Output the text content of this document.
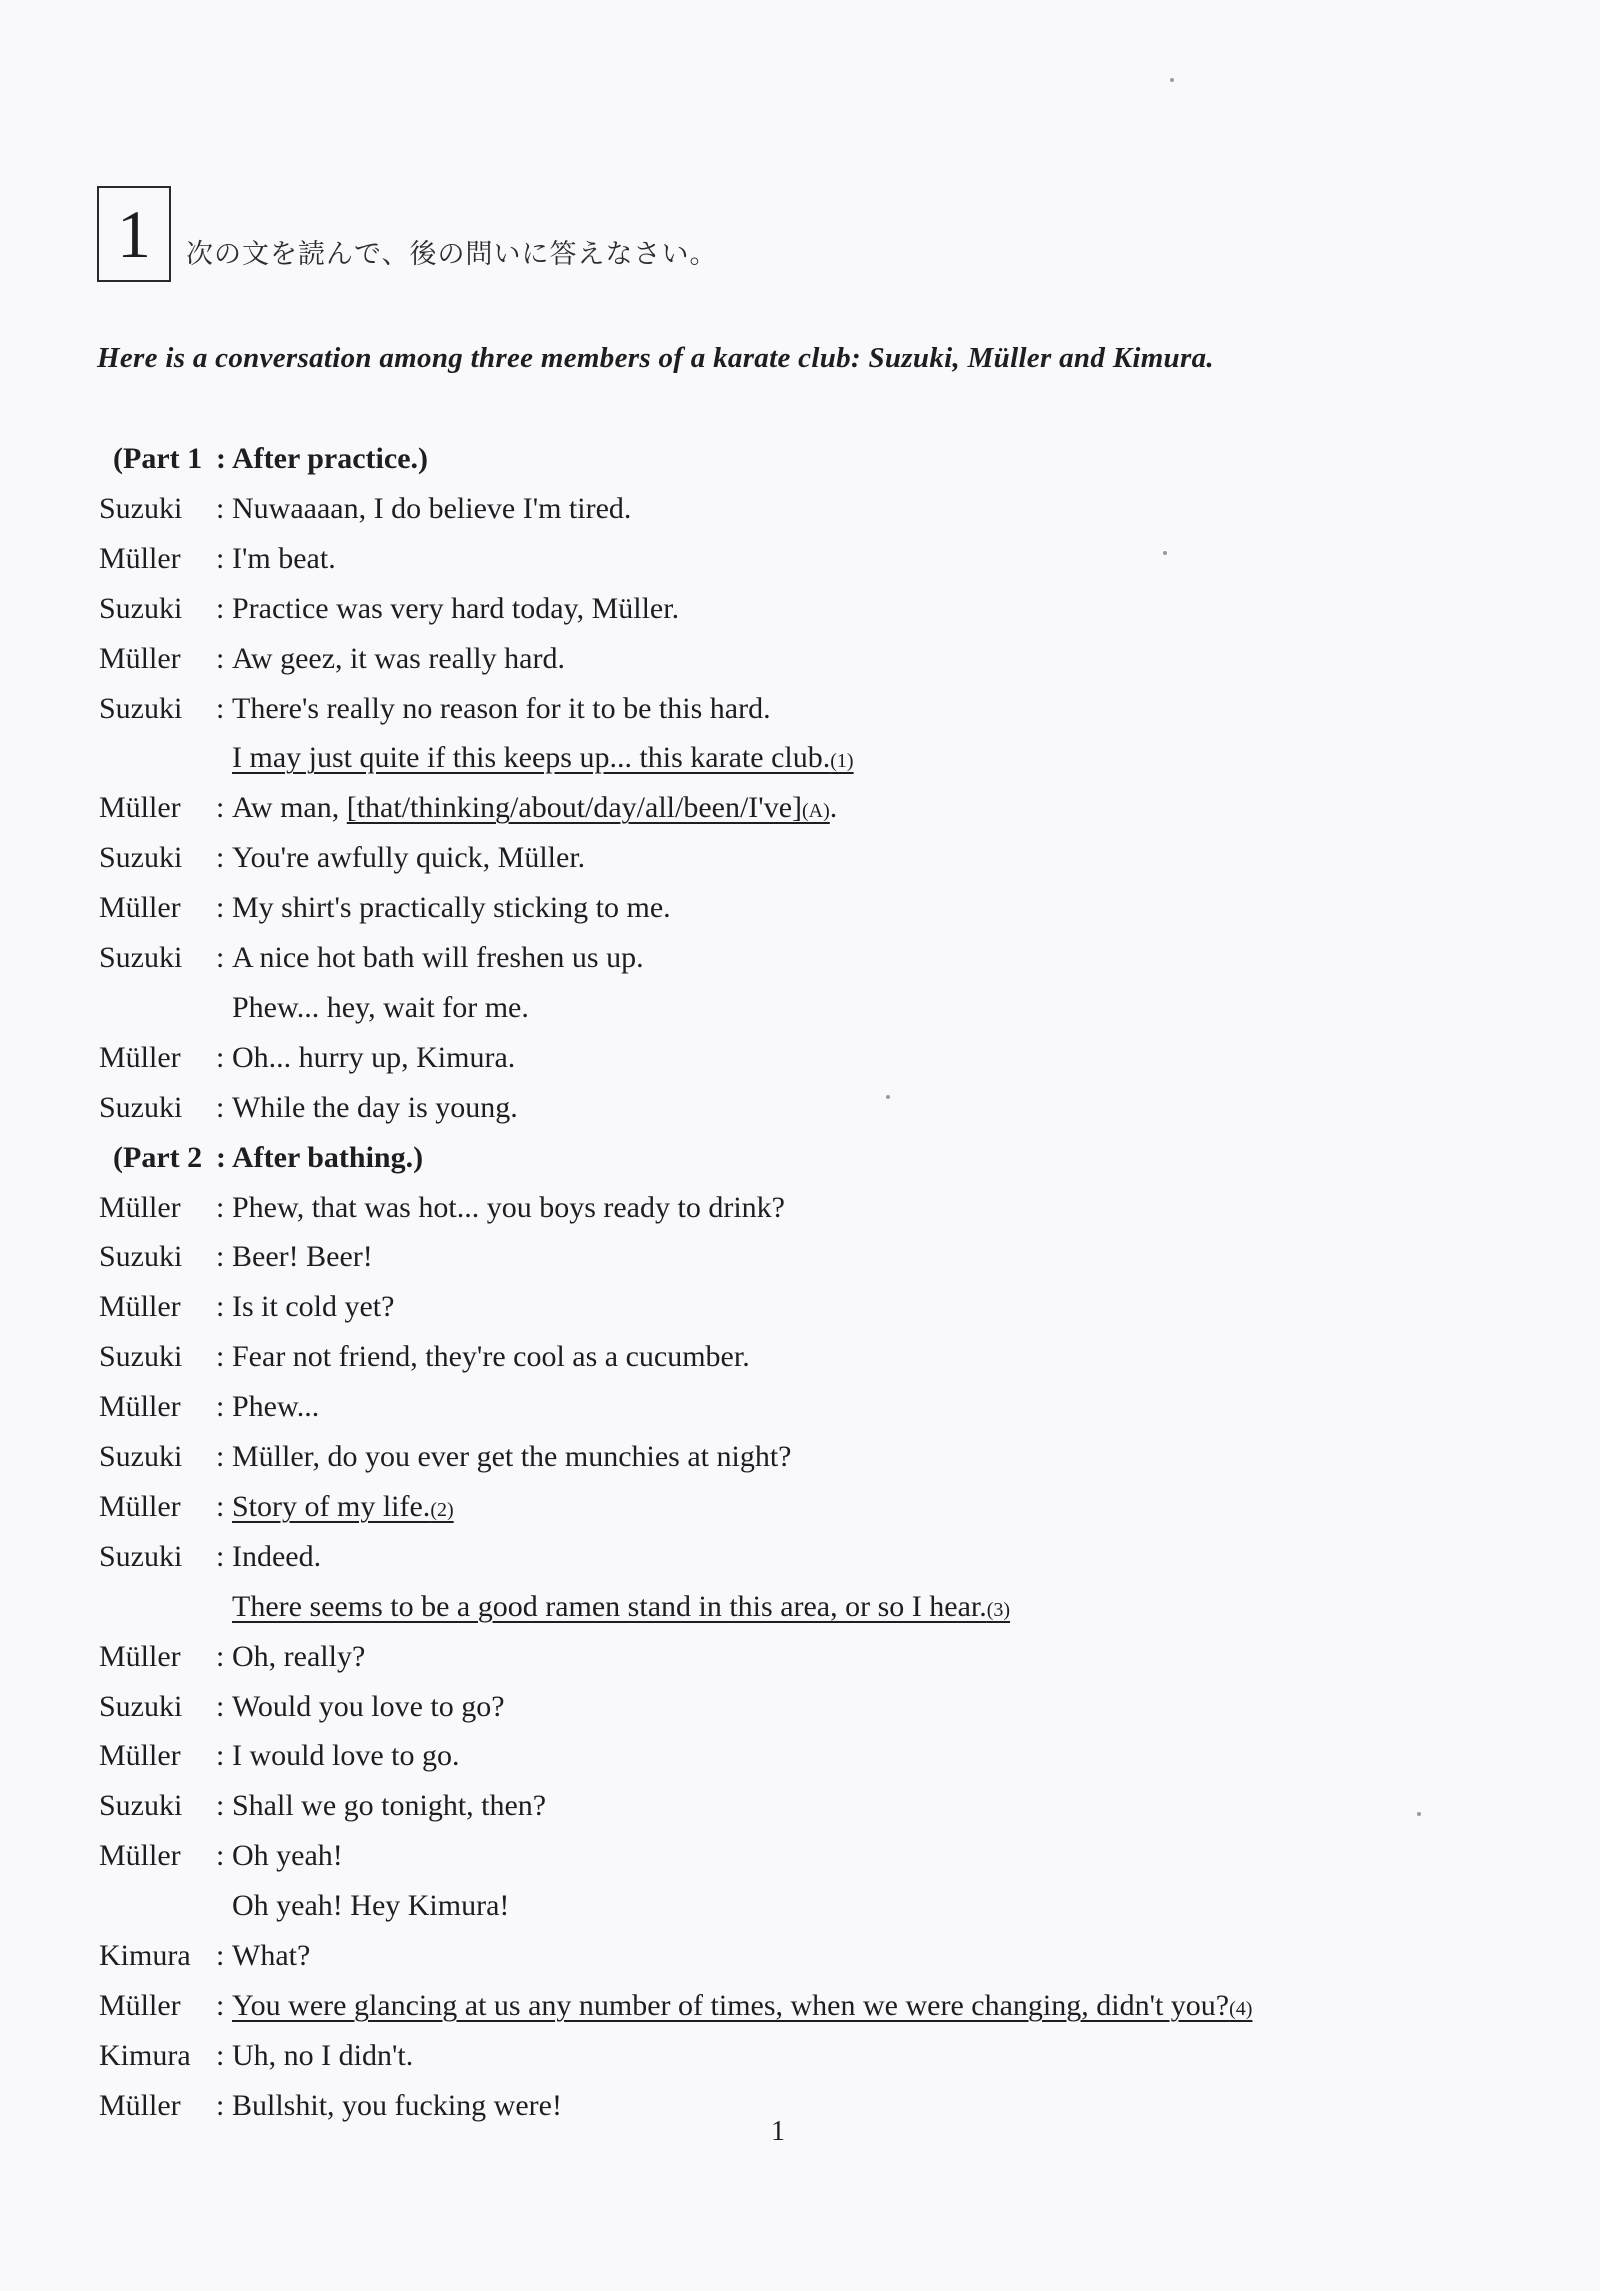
1 次の文を読んで、後の問いに答えなさい。
Here is a conversation among three members of a karate club: Suzuki, Müller and Kimura.
(Part 1 : After practice.)
Suzuki : Nuwaaaan, I do believe I'm tired.
Müller : I'm beat.
Suzuki : Practice was very hard today, Müller.
Müller : Aw geez, it was really hard.
Suzuki : There's really no reason for it to be this hard.
I may just quite if this keeps up... this karate club.(1)
Müller : Aw man, [that/thinking/about/day/all/been/I've](A).
Suzuki : You're awfully quick, Müller.
Müller : My shirt's practically sticking to me.
Suzuki : A nice hot bath will freshen us up.
Phew... hey, wait for me.
Müller : Oh... hurry up, Kimura.
Suzuki : While the day is young.
(Part 2 : After bathing.)
Müller : Phew, that was hot... you boys ready to drink?
Suzuki : Beer! Beer!
Müller : Is it cold yet?
Suzuki : Fear not friend, they're cool as a cucumber.
Müller : Phew...
Suzuki : Müller, do you ever get the munchies at night?
Müller : Story of my life.(2)
Suzuki : Indeed.
There seems to be a good ramen stand in this area, or so I hear.(3)
Müller : Oh, really?
Suzuki : Would you love to go?
Müller : I would love to go.
Suzuki : Shall we go tonight, then?
Müller : Oh yeah!
Oh yeah! Hey Kimura!
Kimura : What?
Müller : You were glancing at us any number of times, when we were changing, didn't you?(4)
Kimura : Uh, no I didn't.
Müller : Bullshit, you fucking were!
1
